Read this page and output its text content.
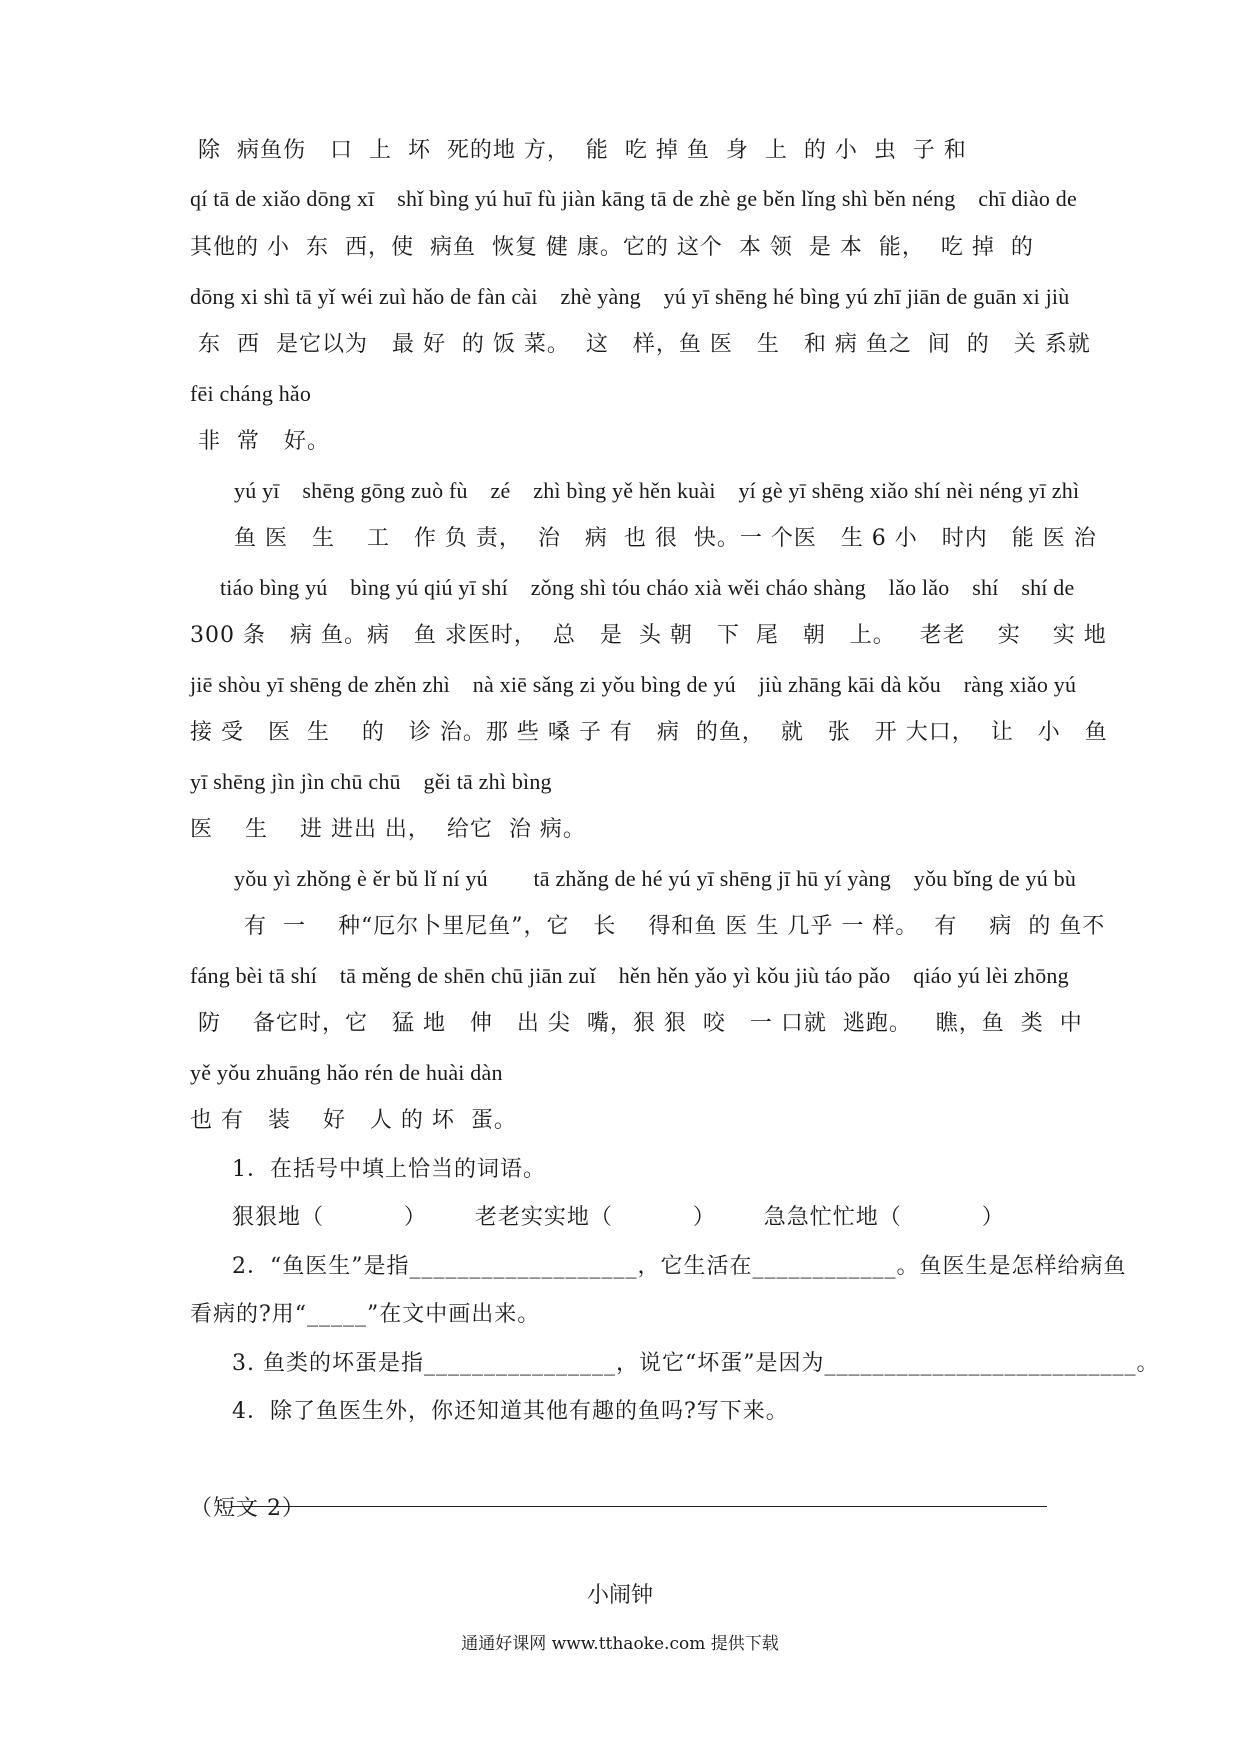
除  病鱼伤   口  上  坏  死的地 方，  能  吃 掉 鱼  身  上  的 小  虫  子 和
qí tā de xiǎo dōng xī    shǐ bìng yú huī fù jiàn kāng tā de zhè ge běn lǐng shì běn néng    chī diào de
其他的 小  东  西，使  病鱼  恢复 健 康。它的 这个  本 领  是 本  能，  吃 掉  的
dōng xi shì tā yǐ wéi zuì hǎo de fàn cài    zhè yàng    yú yī shēng hé bìng yú zhī jiān de guān xi jiù
东  西  是它以为   最 好  的 饭 菜。  这   样，鱼 医   生   和 病 鱼之  间  的   关 系就
fēi cháng hǎo
非  常   好。
yú yī    shēng gōng zuò fù    zé    zhì bìng yě hěn kuài    yí gè yī shēng xiǎo shí nèi néng yī zhì
鱼 医   生    工   作 负 责，  治   病  也 很  快。一 个医   生 6 小   时内   能 医 治
tiáo bìng yú    bìng yú qiú yī shí    zǒng shì tóu cháo xià wěi cháo shàng    lǎo lǎo    shí    shí de
300 条   病 鱼。病   鱼 求医时，  总   是  头 朝   下  尾   朝   上。   老老    实    实 地
jiē shòu yī shēng de zhěn zhì    nà xiē sǎng zi yǒu bìng de yú    jiù zhāng kāi dà kǒu    ràng xiǎo yú
接 受   医  生    的   诊 治。那 些 嗓 子 有   病  的鱼，  就   张   开 大口，  让   小   鱼
yī shēng jìn jìn chū chū    gěi tā zhì bìng
医    生    进 进出 出，  给它  治 病。
yǒu yì zhǒng è ěr bǔ lǐ ní yú        tā zhǎng de hé yú yī shēng jī hū yí yàng    yǒu bǐng de yú bù
有  一    种“厄尔卜里尼鱼”，它   长    得和鱼 医 生 几乎 一 样。  有    病  的 鱼不
fáng bèi tā shí    tā měng de shēn chū jiān zuǐ    hěn hěn yǎo yì kǒu jiù táo pǎo    qiáo yú lèi zhōng
防    备它时，它   猛 地   伸   出 尖  嘴，狠 狠  咬   一 口就  逃跑。   瞧，鱼  类  中
yě yǒu zhuāng hǎo rén de huài dàn
也 有   装    好   人 的 坏  蛋。
1．在括号中填上恰当的词语。
狠狠地（          ）      老老实实地（          ）      急急忙忙地（          ）
2．“鱼医生”是指___________________，它生活在____________。鱼医生是怎样给病鱼
看病的?用“_____”在文中画出来。
3. 鱼类的坏蛋是指________________，说它“坏蛋”是因为__________________________。
4．除了鱼医生外，你还知道其他有趣的鱼吗?写下来。
（短文 2）
小闹钟
通通好课网 www.tthaoke.com 提供下载
